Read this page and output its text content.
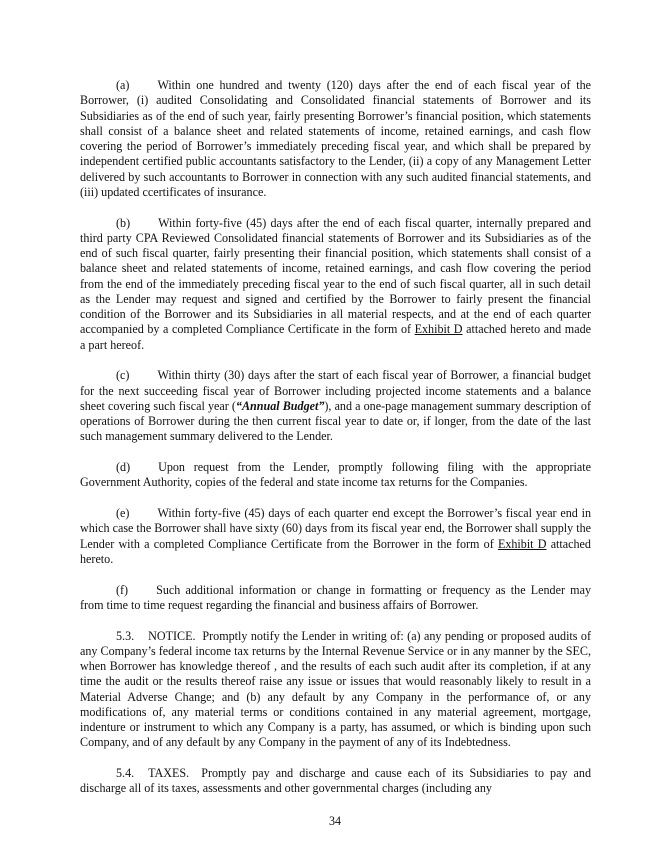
(a) Within one hundred and twenty (120) days after the end of each fiscal year of the Borrower, (i) audited Consolidating and Consolidated financial statements of Borrower and its Subsidiaries as of the end of such year, fairly presenting Borrower’s financial position, which statements shall consist of a balance sheet and related statements of income, retained earnings, and cash flow covering the period of Borrower’s immediately preceding fiscal year, and which shall be prepared by independent certified public accountants satisfactory to the Lender, (ii) a copy of any Management Letter delivered by such accountants to Borrower in connection with any such audited financial statements, and (iii) updated ccertificates of insurance.

(b) Within forty-five (45) days after the end of each fiscal quarter, internally prepared and third party CPA Reviewed Consolidated financial statements of Borrower and its Subsidiaries as of the end of such fiscal quarter, fairly presenting their financial position, which statements shall consist of a balance sheet and related statements of income, retained earnings, and cash flow covering the period from the end of the immediately preceding fiscal year to the end of such fiscal quarter, all in such detail as the Lender may request and signed and certified by the Borrower to fairly present the financial condition of the Borrower and its Subsidiaries in all material respects, and at the end of each quarter accompanied by a completed Compliance Certificate in the form of Exhibit D attached hereto and made a part hereof.

(c) Within thirty (30) days after the start of each fiscal year of Borrower, a financial budget for the next succeeding fiscal year of Borrower including projected income statements and a balance sheet covering such fiscal year (“Annual Budget”), and a one-page management summary description of operations of Borrower during the then current fiscal year to date or, if longer, from the date of the last such management summary delivered to the Lender.

(d) Upon request from the Lender, promptly following filing with the appropriate Government Authority, copies of the federal and state income tax returns for the Companies.

(e) Within forty-five (45) days of each quarter end except the Borrower’s fiscal year end in which case the Borrower shall have sixty (60) days from its fiscal year end, the Borrower shall supply the Lender with a completed Compliance Certificate from the Borrower in the form of Exhibit D attached hereto.

(f) Such additional information or change in formatting or frequency as the Lender may from time to time request regarding the financial and business affairs of Borrower.

5.3. NOTICE. Promptly notify the Lender in writing of: (a) any pending or proposed audits of any Company’s federal income tax returns by the Internal Revenue Service or in any manner by the SEC, when Borrower has knowledge thereof , and the results of each such audit after its completion, if at any time the audit or the results thereof raise any issue or issues that would reasonably likely to result in a Material Adverse Change; and (b) any default by any Company in the performance of, or any modifications of, any material terms or conditions contained in any material agreement, mortgage, indenture or instrument to which any Company is a party, has assumed, or which is binding upon such Company, and of any default by any Company in the payment of any of its Indebtedness.

5.4. TAXES. Promptly pay and discharge and cause each of its Subsidiaries to pay and discharge all of its taxes, assessments and other governmental charges (including any

34
